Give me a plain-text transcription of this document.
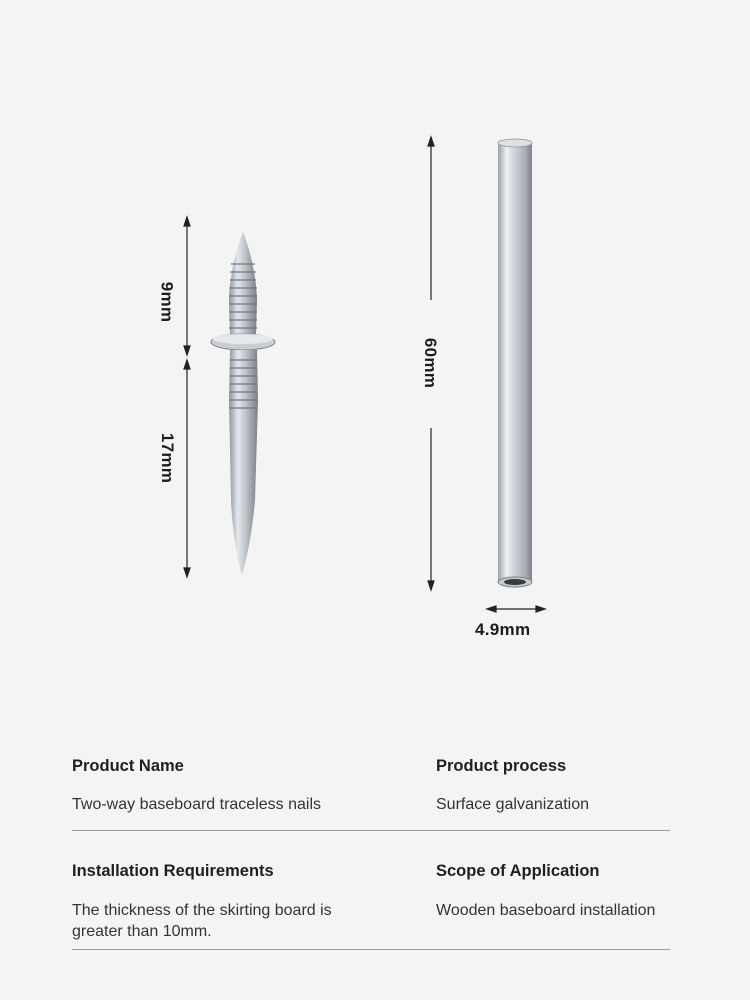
9mm
17mm
60mm
4.9mm
Product Name
Two-way baseboard traceless nails
Product process
Surface galvanization
Installation Requirements
The thickness of the skirting board is greater than 10mm.
Scope of Application
Wooden baseboard installation
